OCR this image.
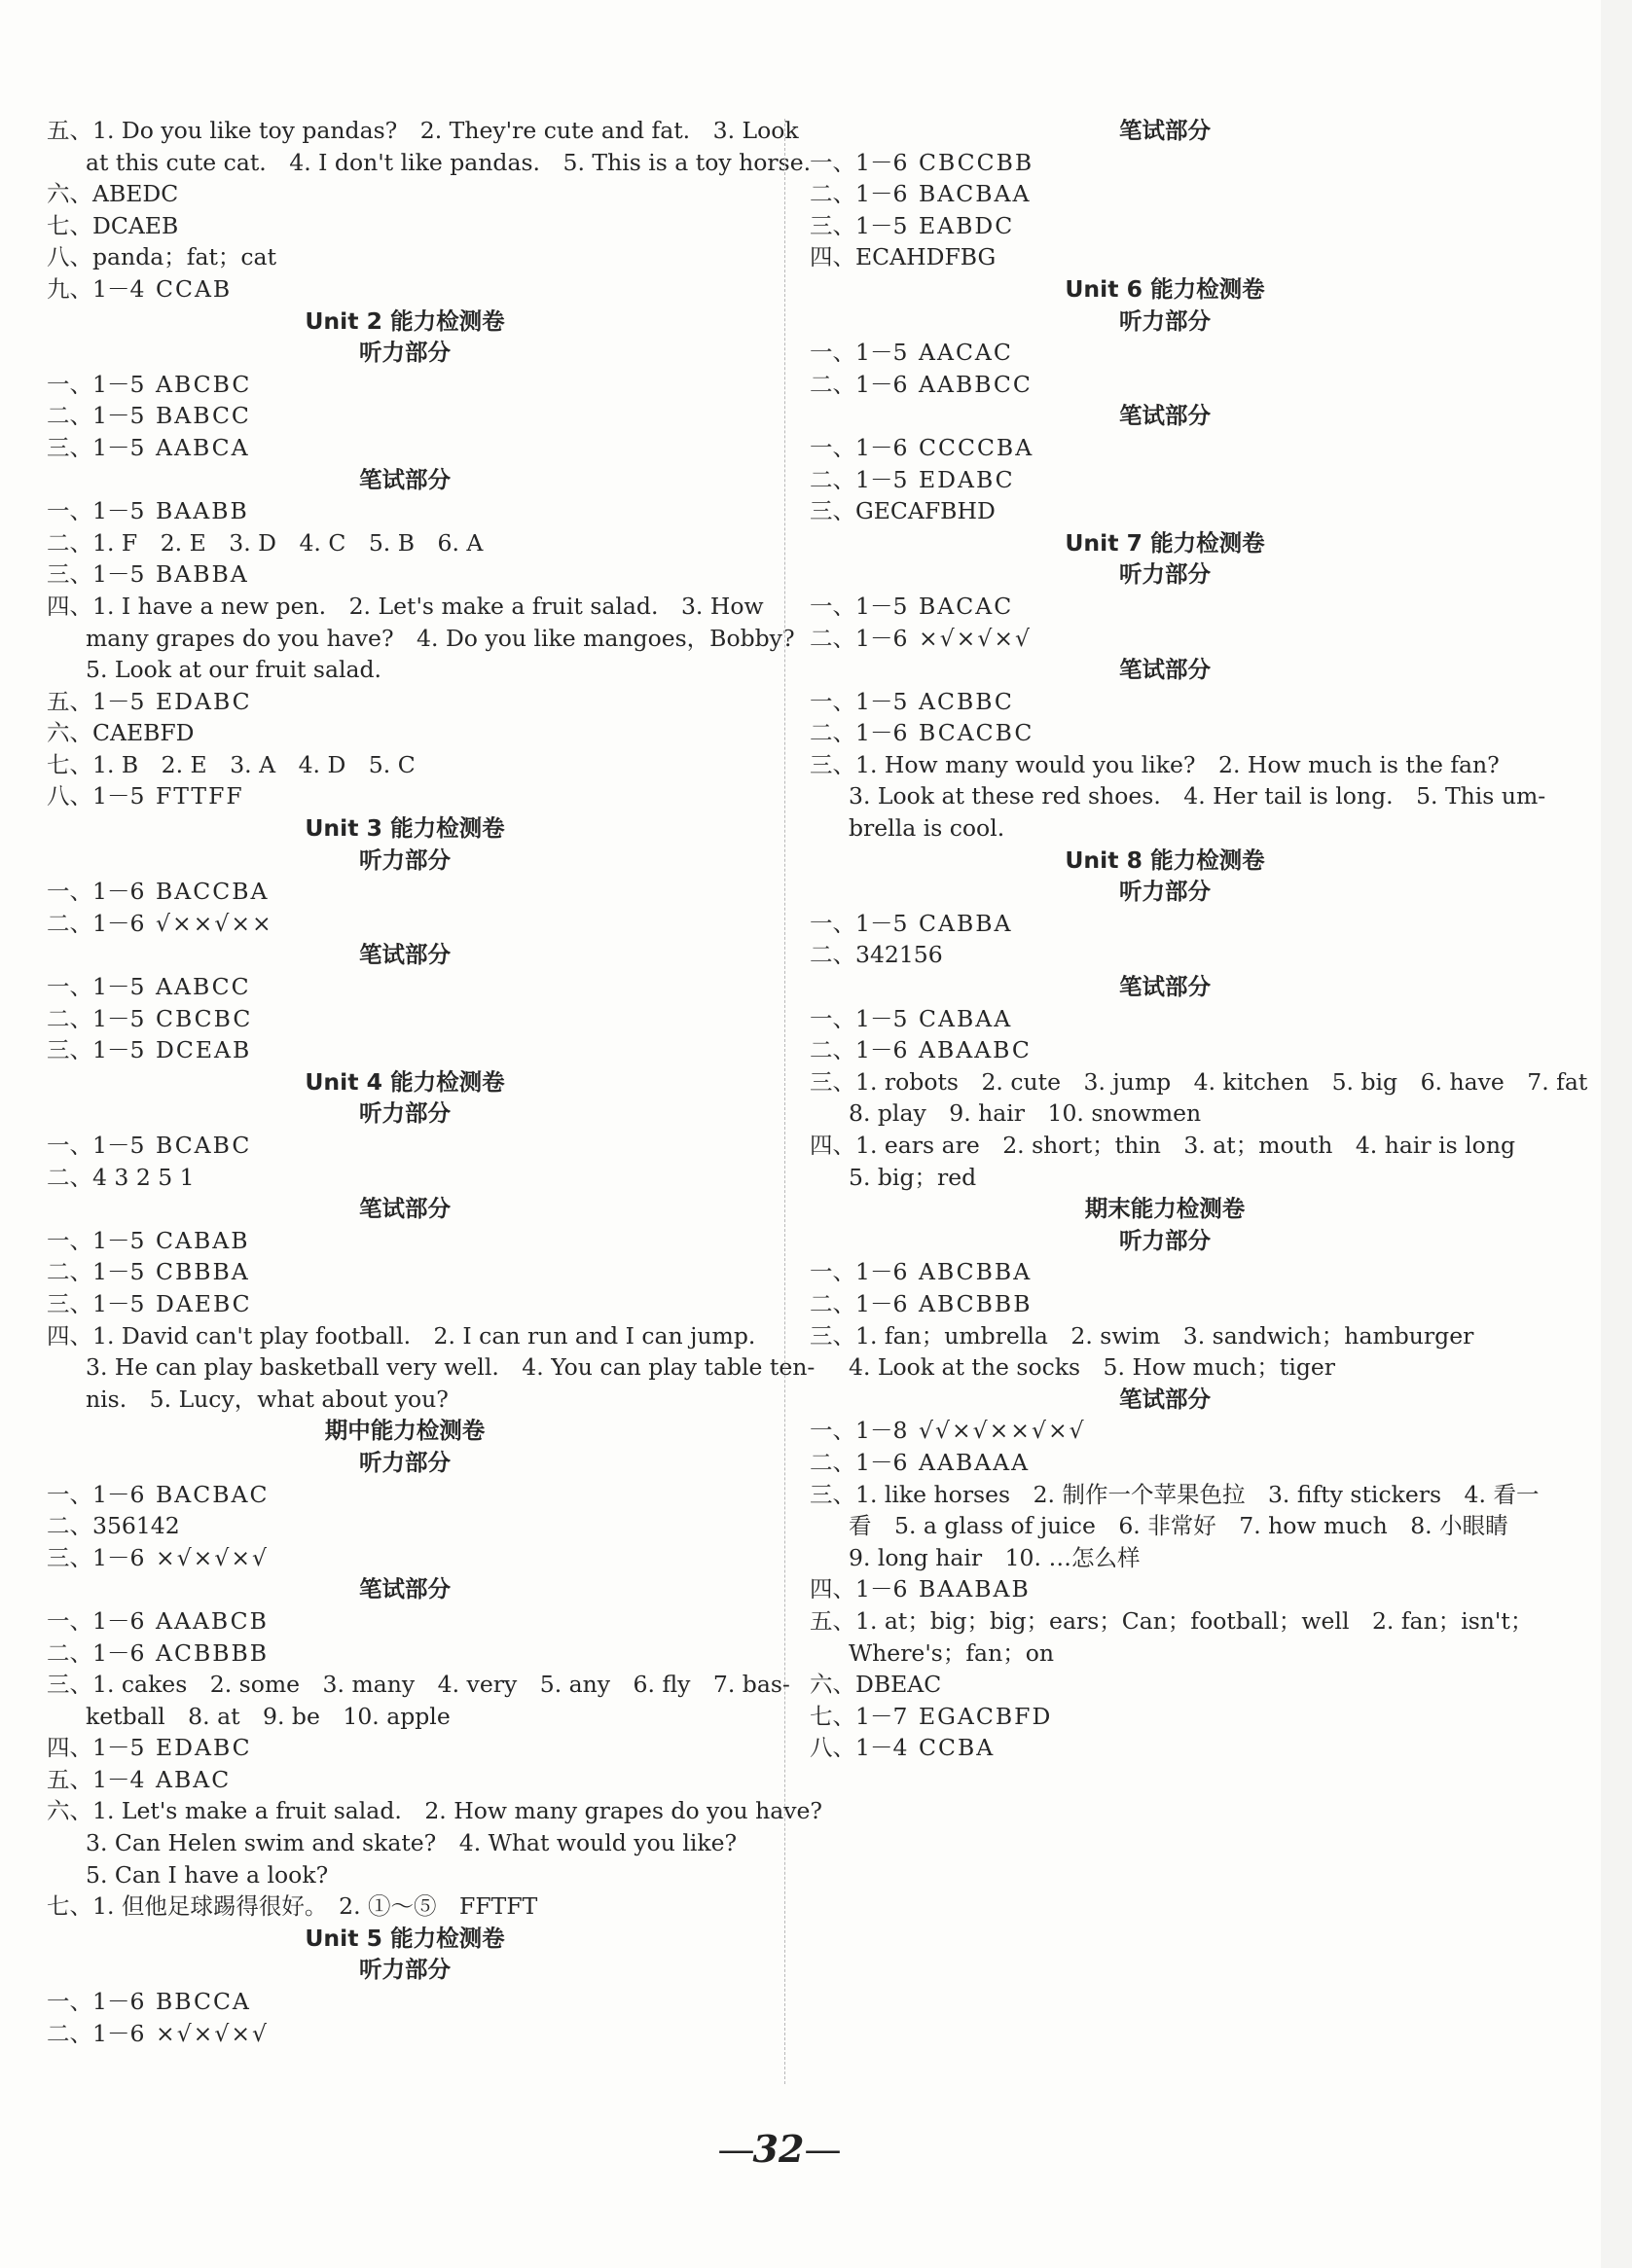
五、1. Do you like toy pandas?　2. They're cute and fat.　3. Look
at this cute cat.　4. I don't like pandas.　5. This is a toy horse.
六、ABEDC
七、DCAEB
八、panda；fat；cat
九、1－4 CCAB
Unit 2 能力检测卷
听力部分
一、1－5 ABCBC
二、1－5 BABCC
三、1－5 AABCA
笔试部分
一、1－5 BAABB
二、1. F　2. E　3. D　4. C　5. B　6. A
三、1－5 BABBA
四、1. I have a new pen.　2. Let's make a fruit salad.　3. How
many grapes do you have?　4. Do you like mangoes，Bobby?
5. Look at our fruit salad.
五、1－5 EDABC
六、CAEBFD
七、1. B　2. E　3. A　4. D　5. C
八、1－5 FTTFF
Unit 3 能力检测卷
听力部分
一、1－6 BACCBA
二、1－6 √××√××
笔试部分
一、1－5 AABCC
二、1－5 CBCBC
三、1－5 DCEAB
Unit 4 能力检测卷
听力部分
一、1－5 BCABC
二、4 3 2 5 1
笔试部分
一、1－5 CABAB
二、1－5 CBBBA
三、1－5 DAEBC
四、1. David can't play football.　2. I can run and I can jump.
3. He can play basketball very well.　4. You can play table ten-
nis.　5. Lucy，what about you?
期中能力检测卷
听力部分
一、1－6 BACBAC
二、356142
三、1－6 ×√×√×√
笔试部分
一、1－6 AAABCB
二、1－6 ACBBBB
三、1. cakes　2. some　3. many　4. very　5. any　6. fly　7. bas-
ketball　8. at　9. be　10. apple
四、1－5 EDABC
五、1－4 ABAC
六、1. Let's make a fruit salad.　2. How many grapes do you have?
3. Can Helen swim and skate?　4. What would you like?
5. Can I have a look?
七、1. 但他足球踢得很好。　2. ①～⑤　FFTFT
Unit 5 能力检测卷
听力部分
一、1－6 BBCCA
二、1－6 ×√×√×√
笔试部分
一、1－6 CBCCBB
二、1－6 BACBAA
三、1－5 EABDC
四、ECAHDFBG
Unit 6 能力检测卷
听力部分
一、1－5 AACAC
二、1－6 AABBCC
笔试部分
一、1－6 CCCCBA
二、1－5 EDABC
三、GECAFBHD
Unit 7 能力检测卷
听力部分
一、1－5 BACAC
二、1－6 ×√×√×√
笔试部分
一、1－5 ACBBC
二、1－6 BCACBC
三、1. How many would you like?　2. How much is the fan?
3. Look at these red shoes.　4. Her tail is long.　5. This um-
brella is cool.
Unit 8 能力检测卷
听力部分
一、1－5 CABBA
二、342156
笔试部分
一、1－5 CABAA
二、1－6 ABAABC
三、1. robots　2. cute　3. jump　4. kitchen　5. big　6. have　7. fat
8. play　9. hair　10. snowmen
四、1. ears are　2. short；thin　3. at；mouth　4. hair is long
5. big；red
期末能力检测卷
听力部分
一、1－6 ABCBBA
二、1－6 ABCBBB
三、1. fan；umbrella　2. swim　3. sandwich；hamburger
4. Look at the socks　5. How much；tiger
笔试部分
一、1－8 √√×√××√×√
二、1－6 AABAAA
三、1. like horses　2. 制作一个苹果色拉　3. fifty stickers　4. 看一
看　5. a glass of juice　6. 非常好　7. how much　8. 小眼睛
9. long hair　10. …怎么样
四、1－6 BAABAB
五、1. at；big；big；ears；Can；football；well　2. fan；isn't；
Where's；fan；on
六、DBEAC
七、1－7 EGACBFD
八、1－4 CCBA
—32—
